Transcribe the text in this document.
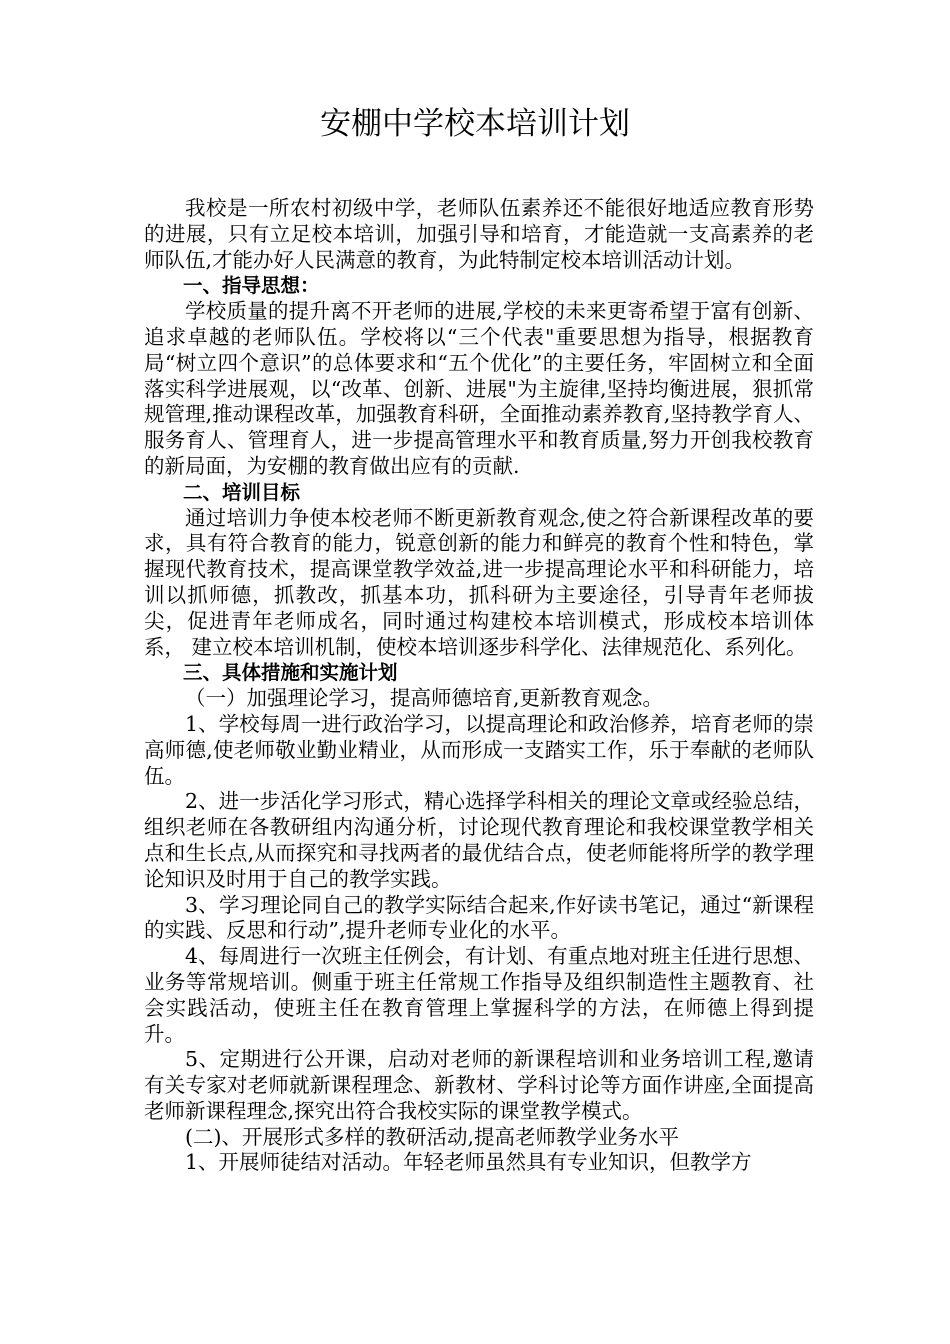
安棚中学校本培训计划

我校是一所农村初级中学，老师队伍素养还不能很好地适应教育形势的进展，只有立足校本培训，加强引导和培育，才能造就一支高素养的老师队伍,才能办好人民满意的教育，为此特制定校本培训活动计划。

一、指导思想：

学校质量的提升离不开老师的进展,学校的未来更寄希望于富有创新、追求卓越的老师队伍。学校将以“三个代表"重要思想为指导，根据教育局“树立四个意识”的总体要求和“五个优化”的主要任务，牢固树立和全面落实科学进展观，以“改革、创新、进展"为主旋律,坚持均衡进展，狠抓常规管理,推动课程改革，加强教育科研，全面推动素养教育,坚持教学育人、服务育人、管理育人，进一步提高管理水平和教育质量,努力开创我校教育的新局面，为安棚的教育做出应有的贡献.

二、培训目标

通过培训力争使本校老师不断更新教育观念,使之符合新课程改革的要求，具有符合教育的能力，锐意创新的能力和鲜亮的教育个性和特色，掌握现代教育技术，提高课堂教学效益,进一步提高理论水平和科研能力，培训以抓师德，抓教改，抓基本功，抓科研为主要途径，引导青年老师拔尖，促进青年老师成名，同时通过构建校本培训模式，形成校本培训体系， 建立校本培训机制，使校本培训逐步科学化、法律规范化、系列化。

三、具体措施和实施计划

（一）加强理论学习，提高师德培育,更新教育观念。

1、学校每周一进行政治学习，以提高理论和政治修养，培育老师的崇高师德,使老师敬业勤业精业，从而形成一支踏实工作，乐于奉献的老师队伍。

2、进一步活化学习形式，精心选择学科相关的理论文章或经验总结，组织老师在各教研组内沟通分析，讨论现代教育理论和我校课堂教学相关点和生长点,从而探究和寻找两者的最优结合点，使老师能将所学的教学理论知识及时用于自己的教学实践。

3、学习理论同自己的教学实际结合起来,作好读书笔记，通过“新课程的实践、反思和行动”,提升老师专业化的水平。

4、每周进行一次班主任例会，有计划、有重点地对班主任进行思想、业务等常规培训。侧重于班主任常规工作指导及组织制造性主题教育、社会实践活动，使班主任在教育管理上掌握科学的方法，在师德上得到提升。

5、定期进行公开课，启动对老师的新课程培训和业务培训工程,邀请有关专家对老师就新课程理念、新教材、学科讨论等方面作讲座,全面提高老师新课程理念,探究出符合我校实际的课堂教学模式。

(二)、开展形式多样的教研活动,提高老师教学业务水平

1、开展师徒结对活动。年轻老师虽然具有专业知识，但教学方
